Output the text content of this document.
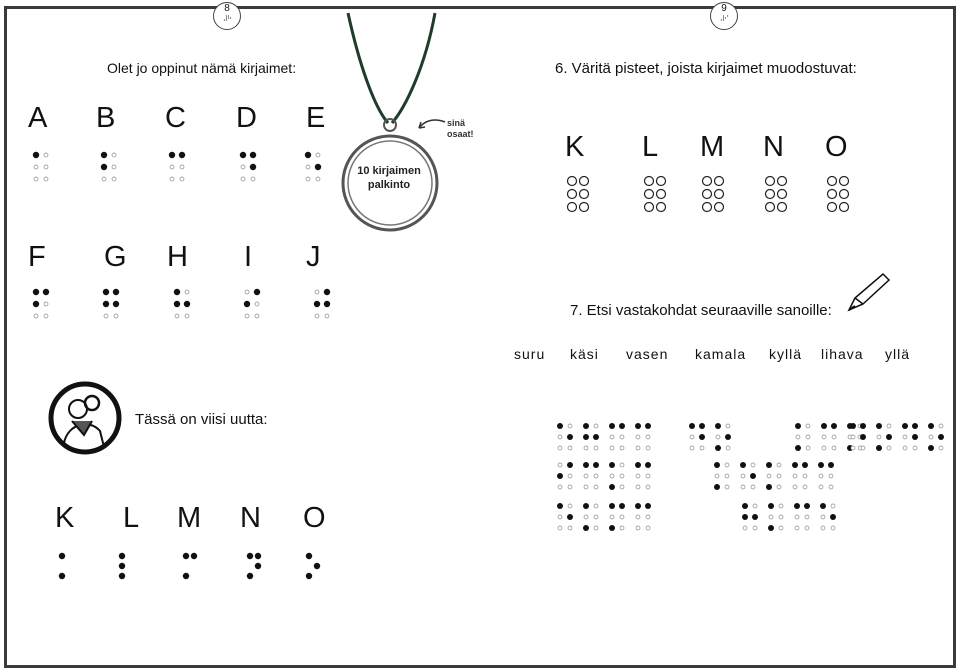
8
⠼⠓
9
⠼⠊
Olet jo oppinut nämä kirjaimet:	6. Väritä pisteet, joista kirjaimet muodostuvat:
7. Etsi vastakohdat seuraaville sanoille:
Tässä on viisi uutta:
10 kirjaimen
palkinto
sinä
osaat!
A B C D E
F G H I J
K L M N O
K L M N O
suru käsi vasen kamala kyllä lihava yllä
